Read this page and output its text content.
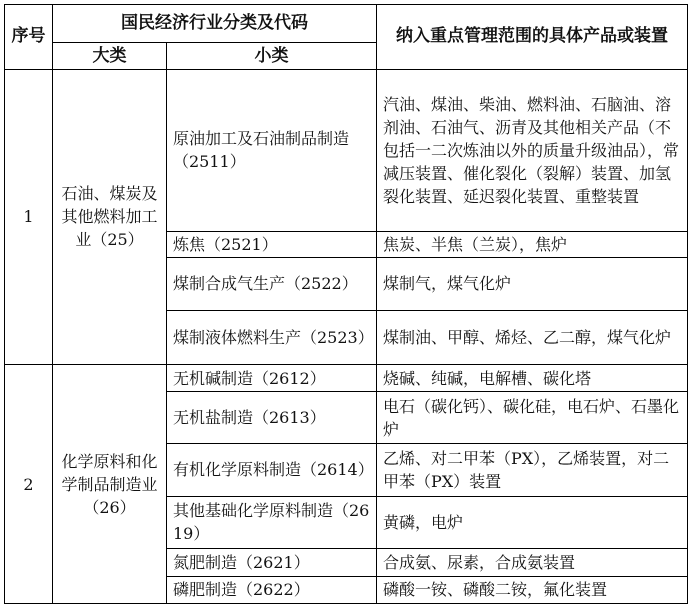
序号	国民经济行业分类及代码		纳入重点管理范围的具体产品或装置
	大类	小类	
1	石油、煤炭及其他燃料加工业（25）	原油加工及石油制品制造（2511）	汽油、煤油、柴油、燃料油、石脑油、溶剂油、石油气、沥青及其他相关产品（不包括一二次炼油以外的质量升级油品），常减压装置、催化裂化（裂解）装置、加氢裂化装置、延迟裂化装置、重整装置
		炼焦（2521）	焦炭、半焦（兰炭），焦炉
		煤制合成气生产（2522）	煤制气，煤气化炉
		煤制液体燃料生产（2523）	煤制油、甲醇、烯烃、乙二醇，煤气化炉
2	化学原料和化学制品制造业（26）	无机碱制造（2612）	烧碱、纯碱，电解槽、碳化塔
		无机盐制造（2613）	电石（碳化钙）、碳化硅，电石炉、石墨化炉
		有机化学原料制造（2614）	乙烯、对二甲苯（PX），乙烯装置，对二甲苯（PX）装置
		其他基础化学原料制造（2619）	黄磷，电炉
		氮肥制造（2621）	合成氨、尿素，合成氨装置
		磷肥制造（2622）	磷酸一铵、磷酸二铵，氟化装置
